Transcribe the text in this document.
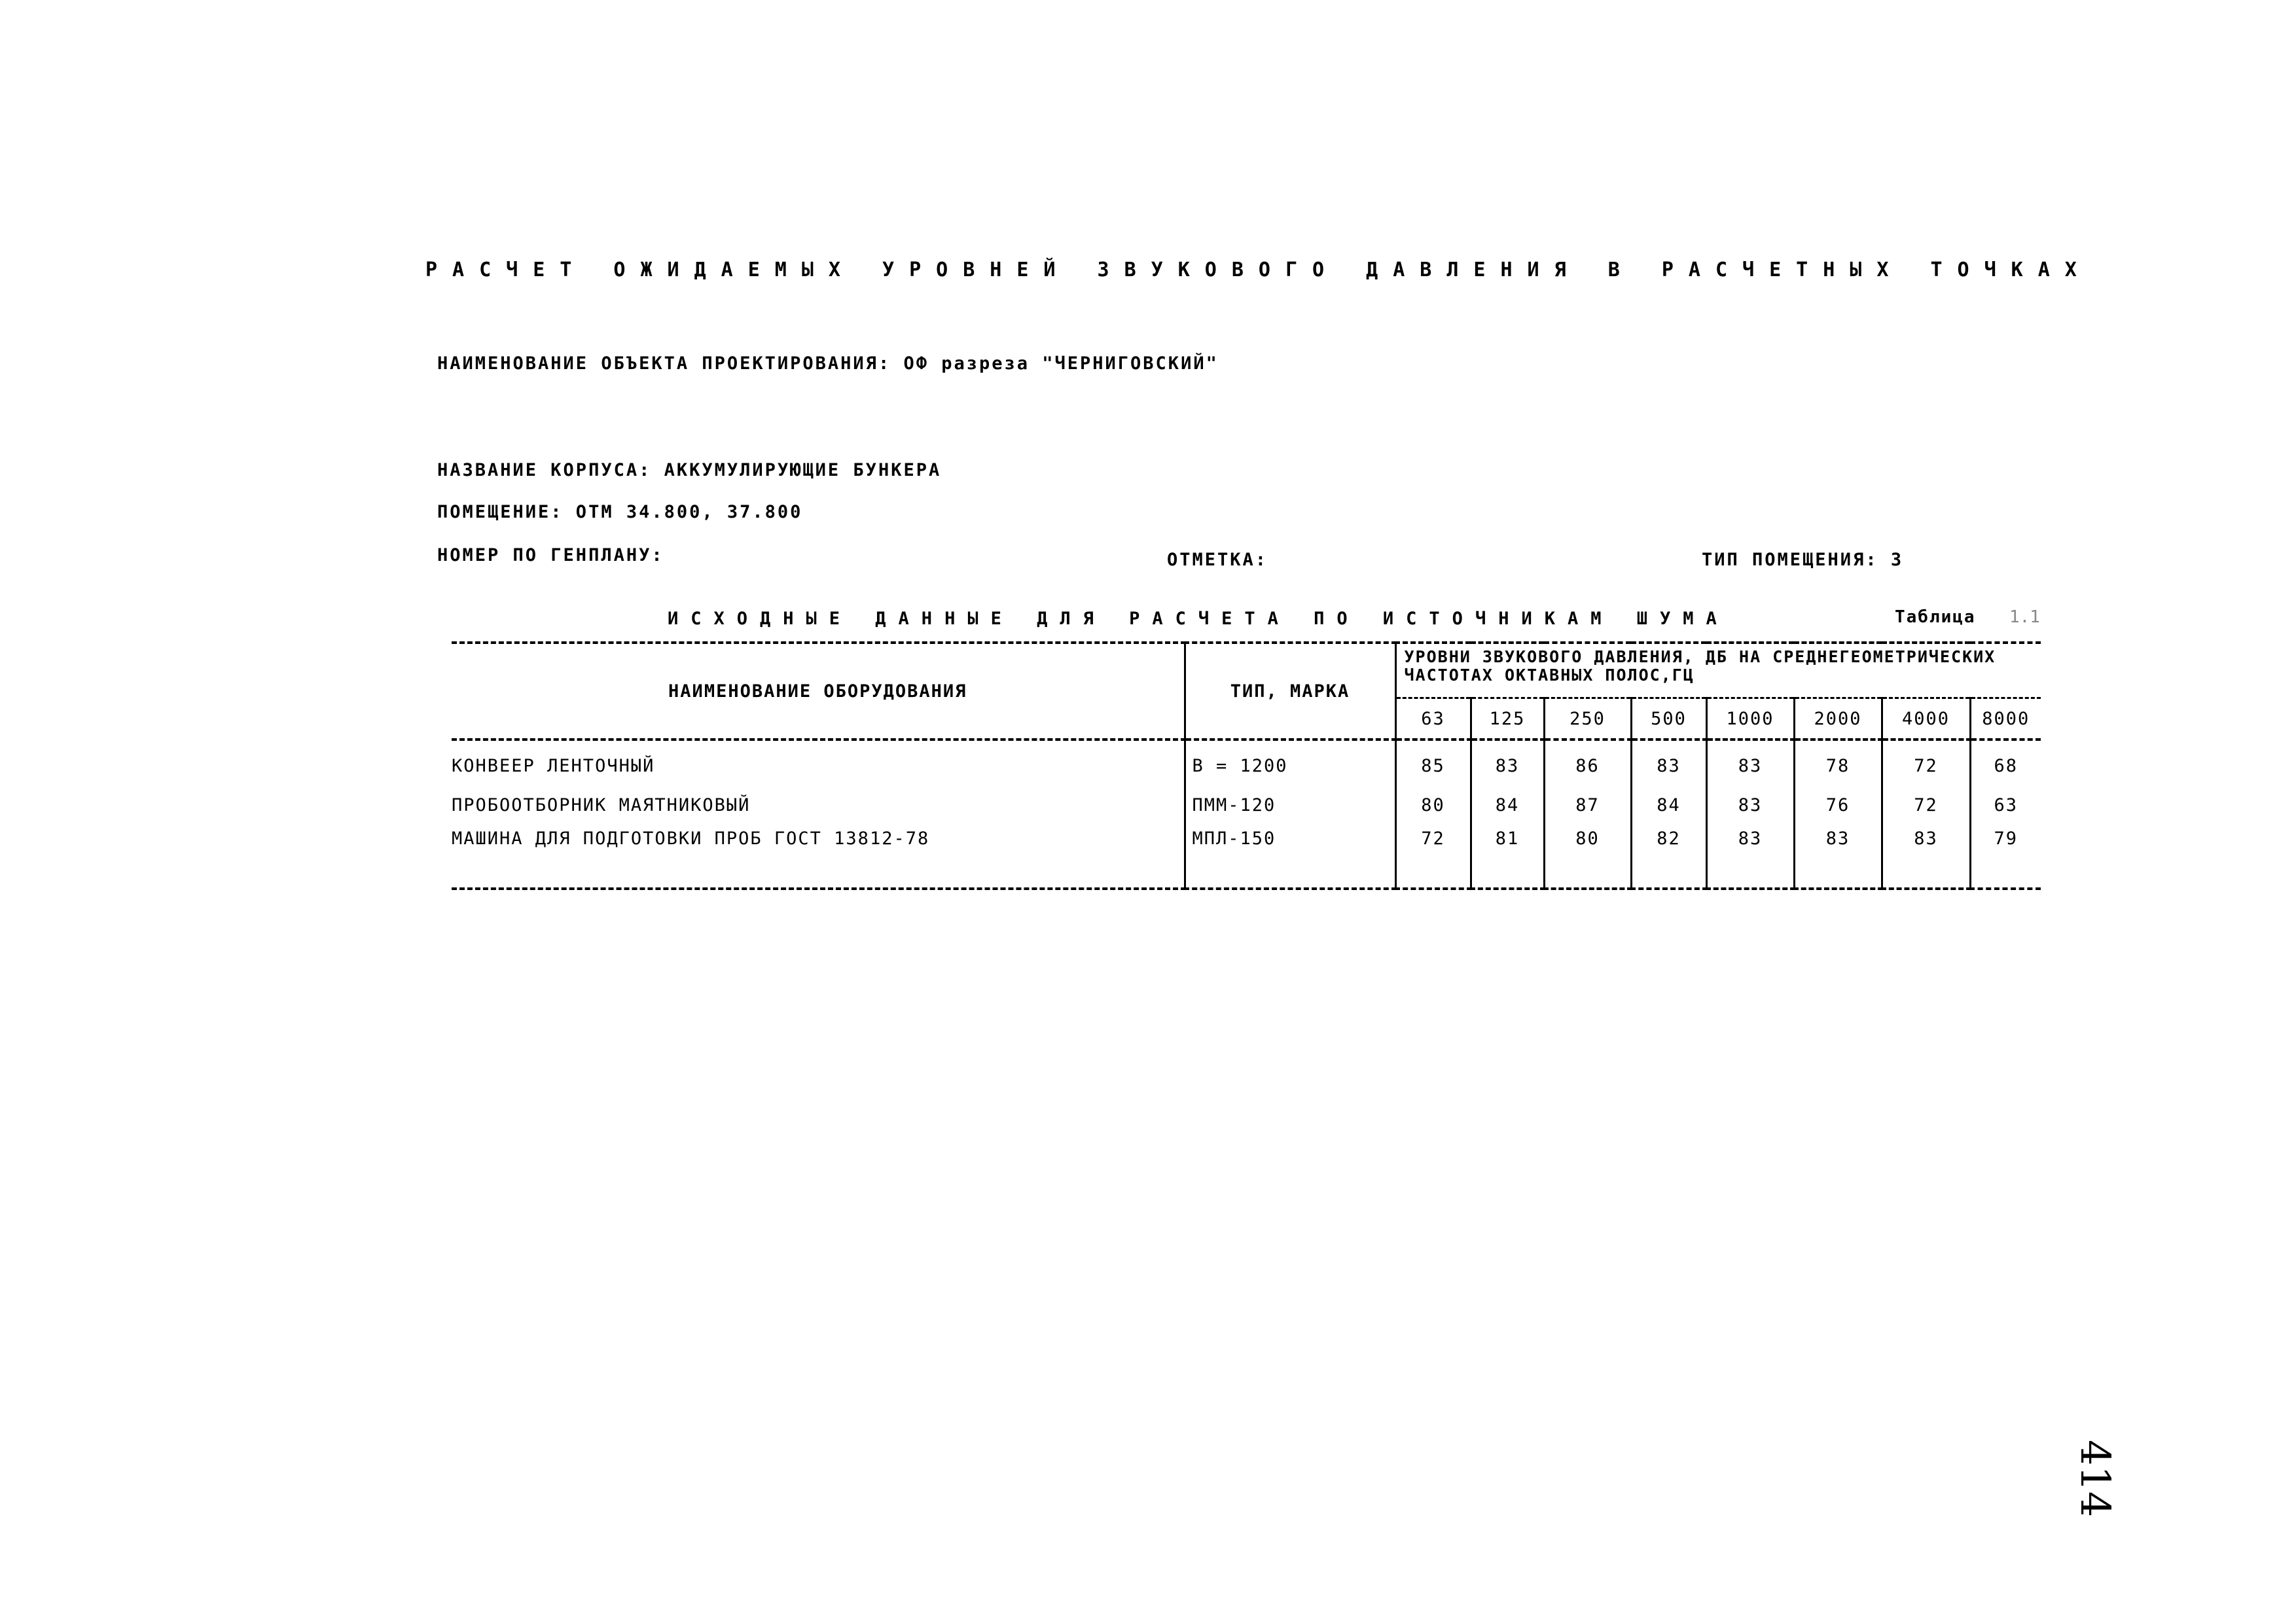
РАСЧЕТ ОЖИДАЕМЫХ УРОВНЕЙ ЗВУКОВОГО ДАВЛЕНИЯ В РАСЧЕТНЫХ ТОЧКАХ
НАИМЕНОВАНИЕ ОБЪЕКТА ПРОЕКТИРОВАНИЯ: ОФ разреза "ЧЕРНИГОВСКИЙ"
НАЗВАНИЕ КОРПУСА: АККУМУЛИРУЮЩИЕ БУНКЕРА
ПОМЕЩЕНИЕ: ОТМ 34.800, 37.800
НОМЕР ПО ГЕНПЛАНУ:	ОТМЕТКА:	ТИП ПОМЕЩЕНИЯ: 3
ИСХОДНЫЕ ДАННЫЕ ДЛЯ РАСЧЕТА ПО ИСТОЧНИКАМ ШУМА	Таблица 1.1
НАИМЕНОВАНИЕ ОБОРУДОВАНИЯ	ТИП, МАРКА	УРОВНИ ЗВУКОВОГО ДАВЛЕНИЯ, ДБ НА СРЕДНЕГЕОМЕТРИЧЕСКИХ ЧАСТОТАХ ОКТАВНЫХ ПОЛОС,ГЦ							
		63	125	250	500	1000	2000	4000	8000
КОНВЕЕР ЛЕНТОЧНЫЙ	В = 1200	85	83	86	83	83	78	72	68
ПРОБООТБОРНИК МАЯТНИКОВЫЙ	ПММ-120	80	84	87	84	83	76	72	63
МАШИНА ДЛЯ ПОДГОТОВКИ ПРОБ ГОСТ 13812-78	МПЛ-150	72	81	80	82	83	83	83	79
414
